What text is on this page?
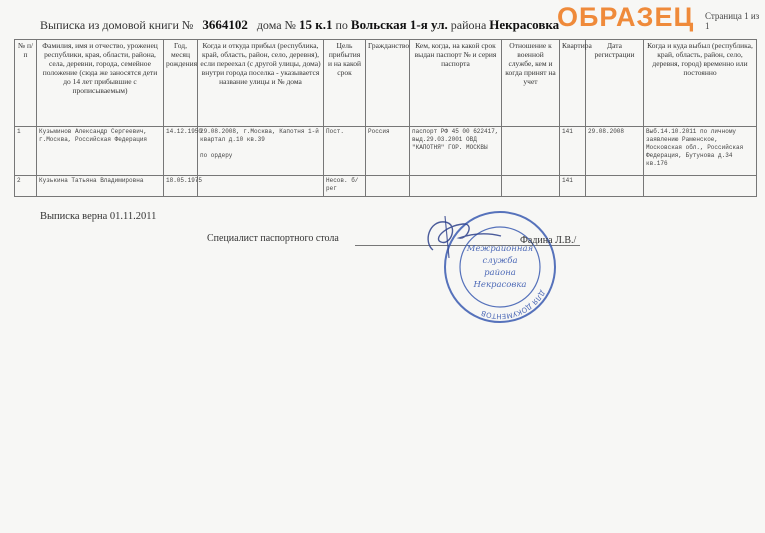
Выписка из домовой книги № 3664102 дома № 15 к.1 по Вольская 1-я ул. района Некрасовка
ОБРАЗЕЦ Страница 1 из 1
№ п/п	Фамилия, имя и отчество, уроженец республики, края, области, района, села, деревни, города, семейное положение (сюда же заносятся дети до 14 лет прибывшие с прописываемым)	Год, месяц рождения	Когда и откуда прибыл (республика, край, область, район, село, деревня), если переехал (с другой улицы, дома) внутри города поселка - указывается название улицы и № дома	Цель прибытия и на какой срок	Гражданство	Кем, когда, на какой срок выдан паспорт № и серия паспорта	Отношение к военной службе, кем и когда принят на учет	Квартира	Дата регистрации	Когда и куда выбыл (республика, край, область, район, село, деревня, город) временно или постоянно
1	Кузьминов Александр Сергеевич, г.Москва, Российская Федерация	14.12.1950	29.08.2008, г.Москва, Капотня 1-й квартал д.10 кв.39
по ордеру	Пост.	Россия	паспорт РФ 45 00 622417, выд.29.03.2001 ОВД "КАПОТНЯ" ГОР. МОСКВЫ		141	29.08.2008	Выб.14.10.2011 по личному заявлению Раменское, Московская обл., Российская Федерация, Бутунова д.34 кв.176
2	Кузькина Татьяна Владимировна	18.05.1975		Несов. б/рег				141		
Выписка верна 01.11.2011
Специалист паспортного стола
ДЛЯ ДОКУМЕНТОВ
Межрайонная
служба
района
Некрасовка
Фадина Л.В./
